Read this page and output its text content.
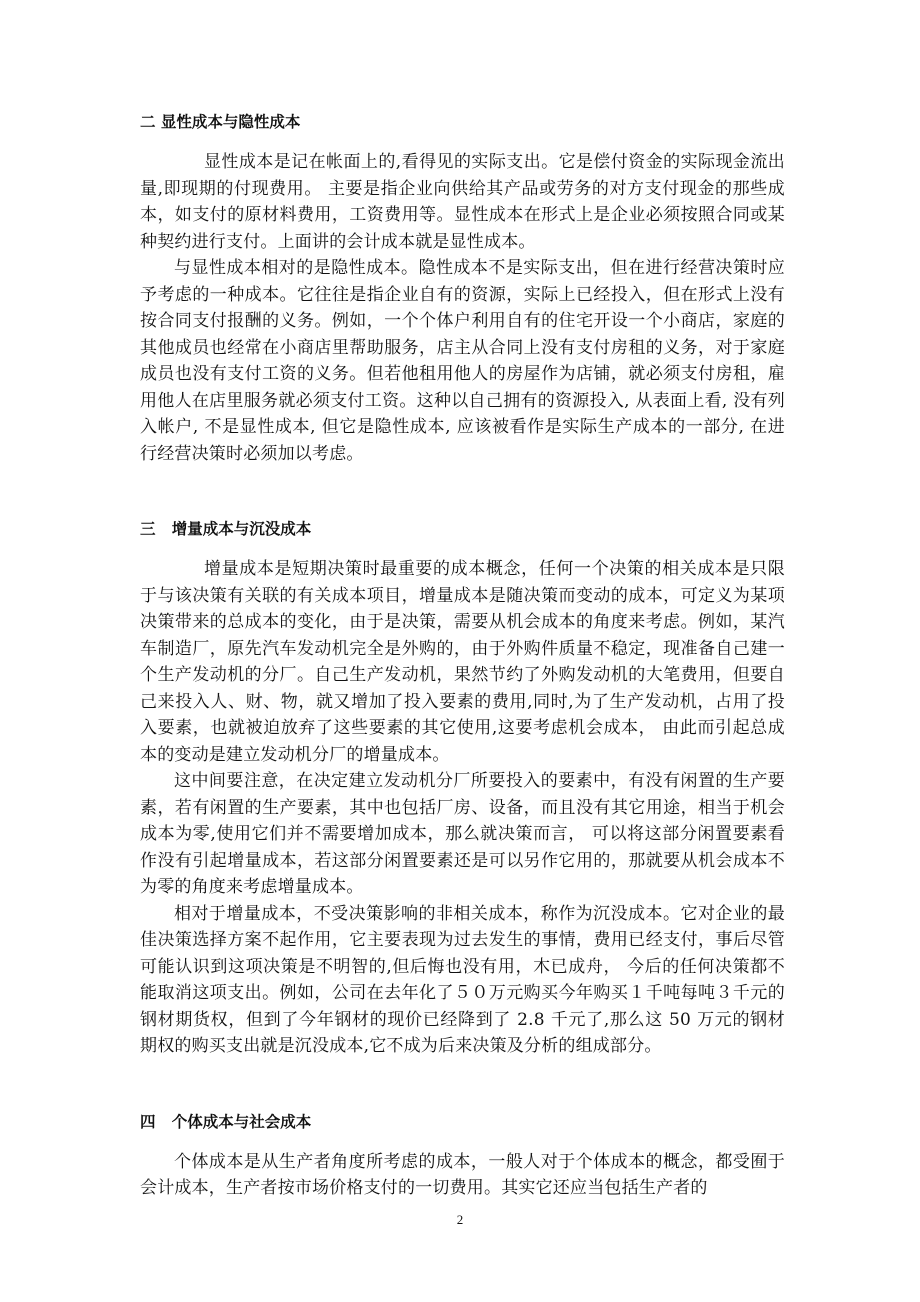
二 显性成本与隐性成本

显性成本是记在帐面上的,看得见的实际支出。它是偿付资金的实际现金流出量,即现期的付现费用。 主要是指企业向供给其产品或劳务的对方支付现金的那些成本，如支付的原材料费用，工资费用等。显性成本在形式上是企业必须按照合同或某种契约进行支付。上面讲的会计成本就是显性成本。

与显性成本相对的是隐性成本。隐性成本不是实际支出，但在进行经营决策时应予考虑的一种成本。它往往是指企业自有的资源，实际上已经投入，但在形式上没有按合同支付报酬的义务。例如，一个个体户利用自有的住宅开设一个小商店，家庭的其他成员也经常在小商店里帮助服务，店主从合同上没有支付房租的义务，对于家庭成员也没有支付工资的义务。但若他租用他人的房屋作为店铺，就必须支付房租，雇用他人在店里服务就必须支付工资。这种以自己拥有的资源投入, 从表面上看, 没有列入帐户, 不是显性成本, 但它是隐性成本, 应该被看作是实际生产成本的一部分, 在进行经营决策时必须加以考虑。

三   增量成本与沉没成本

增量成本是短期决策时最重要的成本概念，任何一个决策的相关成本是只限于与该决策有关联的有关成本项目，增量成本是随决策而变动的成本，可定义为某项决策带来的总成本的变化，由于是决策，需要从机会成本的角度来考虑。例如，某汽车制造厂，原先汽车发动机完全是外购的，由于外购件质量不稳定，现准备自己建一个生产发动机的分厂。自己生产发动机，果然节约了外购发动机的大笔费用，但要自己来投入人、财、物，就又增加了投入要素的费用,同时,为了生产发动机，占用了投入要素，也就被迫放弃了这些要素的其它使用,这要考虑机会成本， 由此而引起总成本的变动是建立发动机分厂的增量成本。

这中间要注意，在决定建立发动机分厂所要投入的要素中，有没有闲置的生产要素，若有闲置的生产要素，其中也包括厂房、设备，而且没有其它用途，相当于机会成本为零,使用它们并不需要增加成本，那么就决策而言， 可以将这部分闲置要素看作没有引起增量成本，若这部分闲置要素还是可以另作它用的，那就要从机会成本不为零的角度来考虑增量成本。

相对于增量成本，不受决策影响的非相关成本，称作为沉没成本。它对企业的最佳决策选择方案不起作用，它主要表现为过去发生的事情，费用已经支付，事后尽管可能认识到这项决策是不明智的,但后悔也没有用，木已成舟， 今后的任何决策都不能取消这项支出。例如，公司在去年化了５０万元购买今年购买１千吨每吨３千元的钢材期货权，但到了今年钢材的现价已经降到了 2.8 千元了,那么这 50 万元的钢材期权的购买支出就是沉没成本,它不成为后来决策及分析的组成部分。

四   个体成本与社会成本

个体成本是从生产者角度所考虑的成本，一般人对于个体成本的概念，都受囿于会计成本，生产者按市场价格支付的一切费用。其实它还应当包括生产者的

2
